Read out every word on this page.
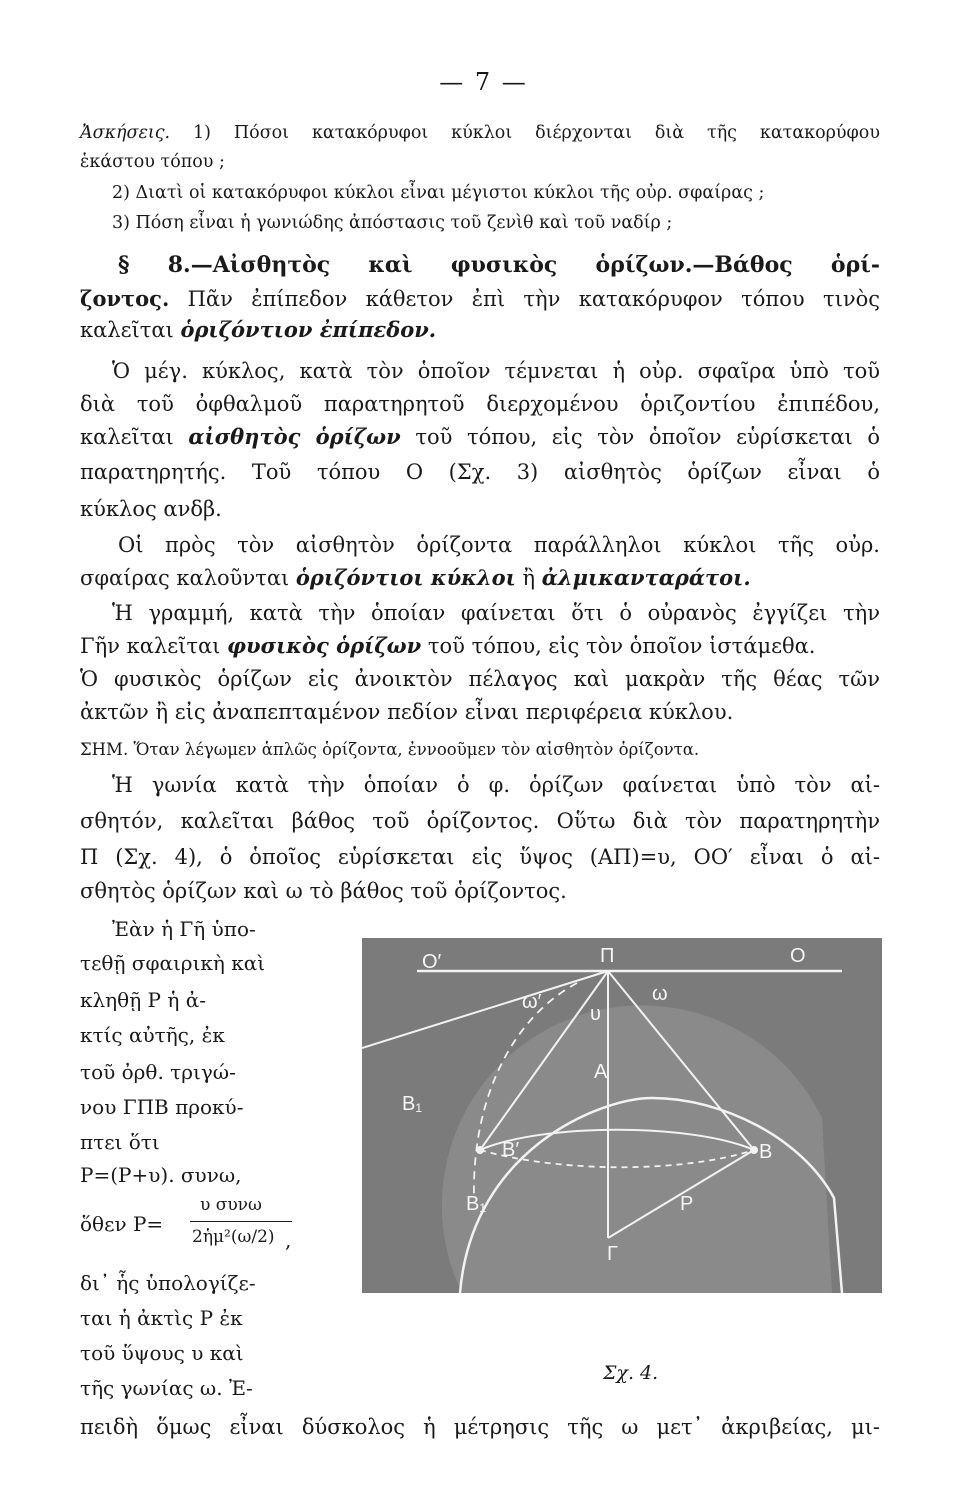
— 7 —
Ἀσκήσεις. 1) Πόσοι κατακόρυφοι κύκλοι διέρχονται διὰ τῆς κατακορύφου
ἑκάστου τόπου ;
2) Διατὶ οἱ κατακόρυφοι κύκλοι εἶναι μέγιστοι κύκλοι τῆς οὐρ. σφαίρας ;
3) Πόση εἶναι ἡ γωνιώδης ἀπόστασις τοῦ ζενὶθ καὶ τοῦ ναδίρ ;
§ 8.—Αἰσθητὸς καὶ φυσικὸς ὁρίζων.—Βάθος ὁρί-
ζοντος. Πᾶν ἐπίπεδον κάθετον ἐπὶ τὴν κατακόρυφον τόπου τινὸς
καλεῖται ὁριζόντιον ἐπίπεδον.
Ὁ μέγ. κύκλος, κατὰ τὸν ὁποῖον τέμνεται ἡ οὐρ. σφαῖρα ὑπὸ τοῦ
διὰ τοῦ ὀφθαλμοῦ παρατηρητοῦ διερχομένου ὁριζοντίου ἐπιπέδου,
καλεῖται αἰσθητὸς ὁρίζων τοῦ τόπου, εἰς τὸν ὁποῖον εὑρίσκεται ὁ
παρατηρητής. Τοῦ τόπου Ο (Σχ. 3) αἰσθητὸς ὁρίζων εἶναι ὁ
κύκλος ανδβ.
Οἱ πρὸς τὸν αἰσθητὸν ὁρίζοντα παράλληλοι κύκλοι τῆς οὐρ.
σφαίρας καλοῦνται ὁριζόντιοι κύκλοι ἢ ἀλμικανταράτοι.
Ἡ γραμμή, κατὰ τὴν ὁποίαν φαίνεται ὅτι ὁ οὐρανὸς ἐγγίζει τὴν
Γῆν καλεῖται φυσικὸς ὁρίζων τοῦ τόπου, εἰς τὸν ὁποῖον ἱστάμεθα.
Ὁ φυσικὸς ὁρίζων εἰς ἀνοικτὸν πέλαγος καὶ μακρὰν τῆς θέας τῶν
ἀκτῶν ἢ εἰς ἀναπεπταμένον πεδίον εἶναι περιφέρεια κύκλου.
ΣΗΜ. Ὅταν λέγωμεν ἁπλῶς ὁρίζοντα, ἐννοοῦμεν τὸν αἰσθητὸν ὁρίζοντα.
Ἡ γωνία κατὰ τὴν ὁποίαν ὁ φ. ὁρίζων φαίνεται ὑπὸ τὸν αἰ-
σθητόν, καλεῖται βάθος τοῦ ὁρίζοντος. Οὕτω διὰ τὸν παρατηρητὴν
Π (Σχ. 4), ὁ ὁποῖος εὑρίσκεται εἰς ὕψος (ΑΠ)=υ, ΟΟ′ εἶναι ὁ αἰ-
σθητὸς ὁρίζων καὶ ω τὸ βάθος τοῦ ὁρίζοντος.
Ἐὰν ἡ Γῆ ὑπο-
τεθῇ σφαιρικὴ καὶ
κληθῇ Ρ ἡ ἀ-
κτίς αὐτῆς, ἐκ
τοῦ ὀρθ. τριγώ-
νου ΓΠΒ προκύ-
πτει ὅτι
Ρ=(Ρ+υ). συνω,
ὅθεν Ρ=
υ συνω
2ἡμ²(ω/2) ,
δι᾽ ἧς ὑπολογίζε-
ται ἡ ἀκτὶς Ρ ἐκ
τοῦ ὕψους υ καὶ
τῆς γωνίας ω. Ἐ-
Ο′	Π	Ο
ω′	ω
υ
Α
Β₁
Β′	Β
Β₁	Ρ
Γ
Σχ. 4.
πειδὴ ὅμως εἶναι δύσκολος ἡ μέτρησις τῆς ω μετ᾽ ἀκριβείας, μι-
